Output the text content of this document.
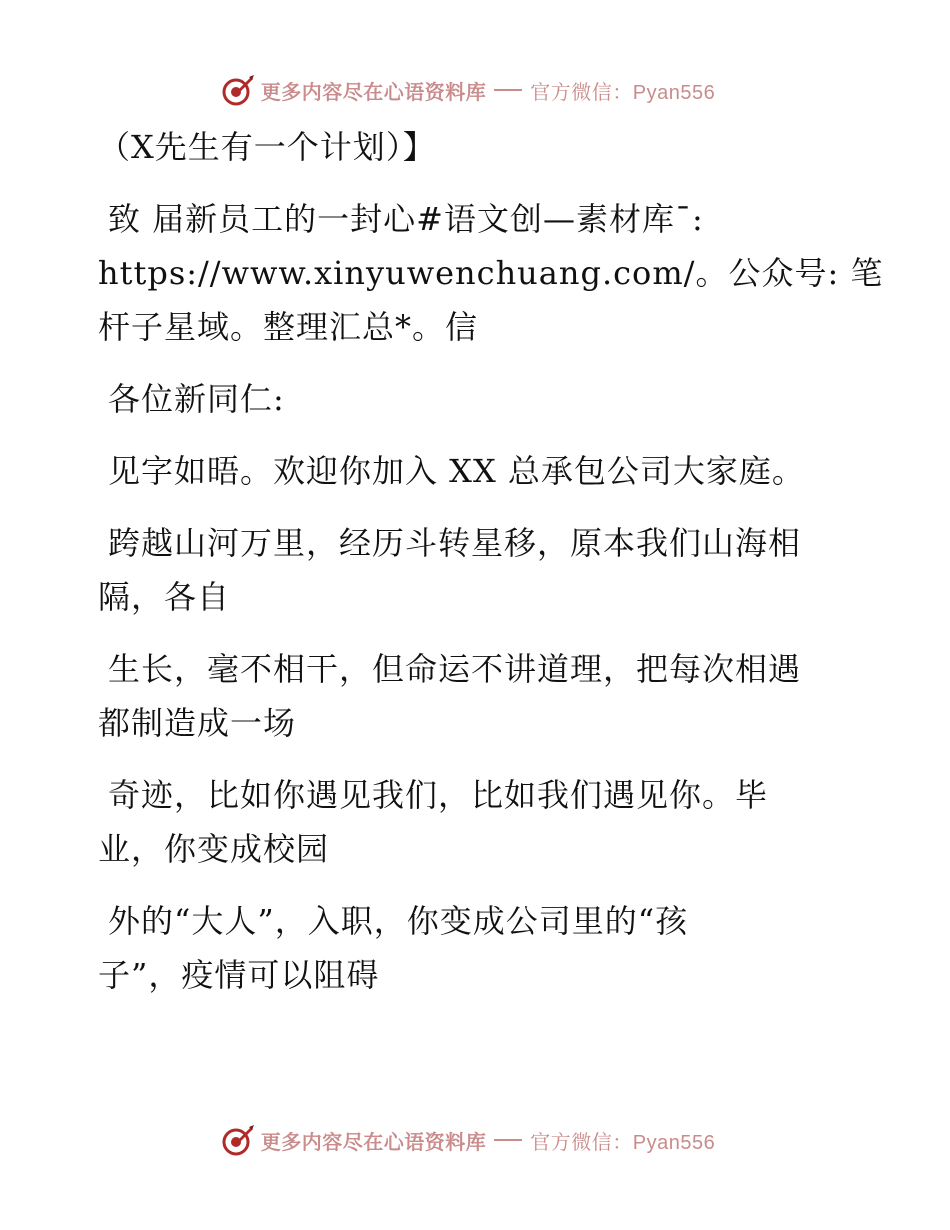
更多内容尽在心语资料库 官方微信：Pyan556
（X先生有一个计划）】
致 届新员工的一封心#语文创—素材库¯:
https://www.xinyuwenchuang.com/。公众号: 笔
杆子星域。整理汇总*。信
各位新同仁:
见字如晤。欢迎你加入 XX 总承包公司大家庭。
跨越山河万里，经历斗转星移，原本我们山海相
隔，各自
生长，毫不相干，但命运不讲道理，把每次相遇
都制造成一场
奇迹，比如你遇见我们，比如我们遇见你。毕
业，你变成校园
外的“大人”，入职，你变成公司里的“孩
子”，疫情可以阻碍
更多内容尽在心语资料库 官方微信：Pyan556
